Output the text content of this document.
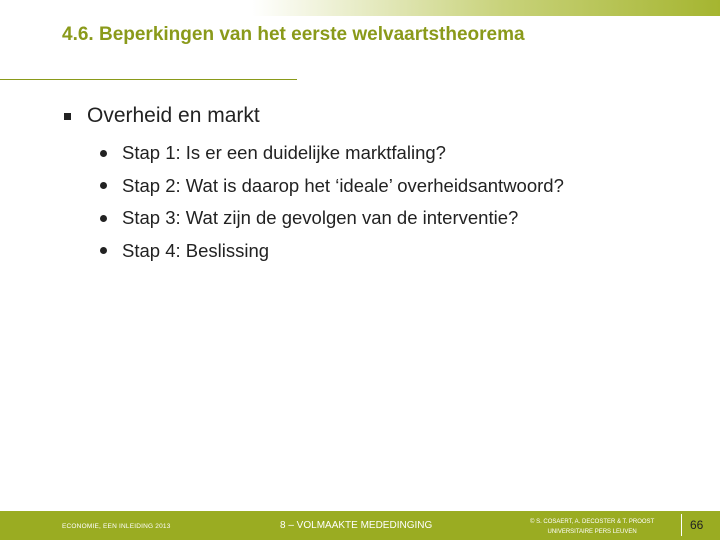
4.6. Beperkingen van het eerste welvaartstheorema
Overheid en markt
Stap 1: Is er een duidelijke marktfaling?
Stap 2: Wat is daarop het ‘ideale’ overheidsantwoord?
Stap 3: Wat zijn de gevolgen van de interventie?
Stap 4: Beslissing
ECONOMIE, EEN INLEIDING 2013	8 – VOLMAAKTE MEDEDINGING	© S. COSAERT, A. DECOSTER & T. PROOST
UNIVERSITAIRE PERS LEUVEN	66
